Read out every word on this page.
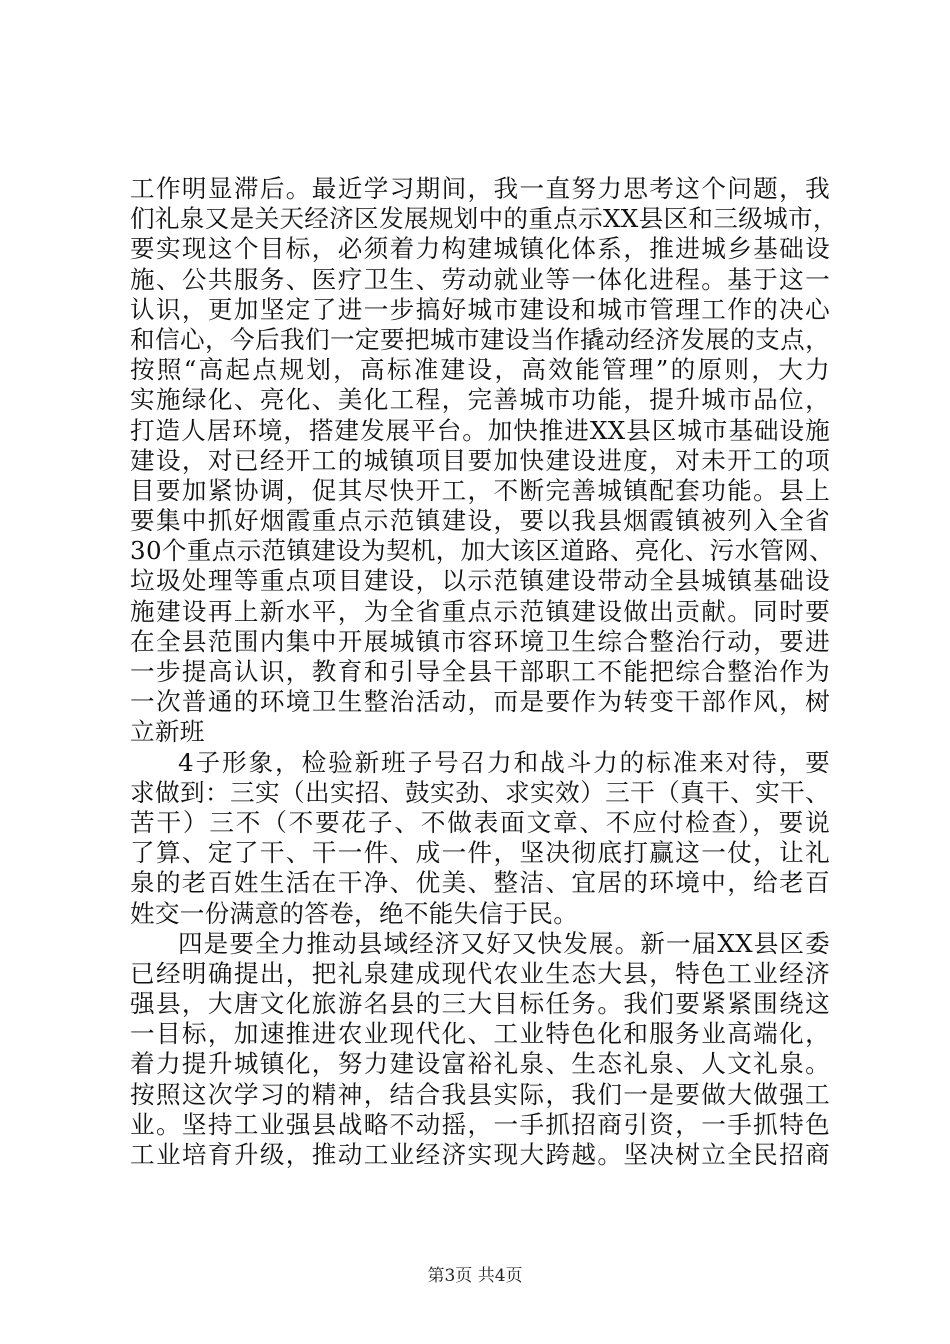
工作明显滞后。最近学习期间，我一直努力思考这个问题，我
们礼泉又是关天经济区发展规划中的重点示XX县区和三级城市，
要实现这个目标，必须着力构建城镇化体系，推进城乡基础设
施、公共服务、医疗卫生、劳动就业等一体化进程。基于这一
认识，更加坚定了进一步搞好城市建设和城市管理工作的决心
和信心，今后我们一定要把城市建设当作撬动经济发展的支点，
按照“高起点规划，高标准建设，高效能管理”的原则，大力
实施绿化、亮化、美化工程，完善城市功能，提升城市品位，
打造人居环境，搭建发展平台。加快推进XX县区城市基础设施
建设，对已经开工的城镇项目要加快建设进度，对未开工的项
目要加紧协调，促其尽快开工，不断完善城镇配套功能。县上
要集中抓好烟霞重点示范镇建设，要以我县烟霞镇被列入全省
30个重点示范镇建设为契机，加大该区道路、亮化、污水管网、
垃圾处理等重点项目建设，以示范镇建设带动全县城镇基础设
施建设再上新水平，为全省重点示范镇建设做出贡献。同时要
在全县范围内集中开展城镇市容环境卫生综合整治行动，要进
一步提高认识，教育和引导全县干部职工不能把综合整治作为
一次普通的环境卫生整治活动，而是要作为转变干部作风，树
立新班
4子形象，检验新班子号召力和战斗力的标准来对待，要
求做到：三实（出实招、鼓实劲、求实效）三干（真干、实干、
苦干）三不（不要花子、不做表面文章、不应付检查），要说
了算、定了干、干一件、成一件，坚决彻底打赢这一仗，让礼
泉的老百姓生活在干净、优美、整洁、宜居的环境中，给老百
姓交一份满意的答卷，绝不能失信于民。
四是要全力推动县域经济又好又快发展。新一届XX县区委
已经明确提出，把礼泉建成现代农业生态大县，特色工业经济
强县，大唐文化旅游名县的三大目标任务。我们要紧紧围绕这
一目标，加速推进农业现代化、工业特色化和服务业高端化，
着力提升城镇化，努力建设富裕礼泉、生态礼泉、人文礼泉。
按照这次学习的精神，结合我县实际，我们一是要做大做强工
业。坚持工业强县战略不动摇，一手抓招商引资，一手抓特色
工业培育升级，推动工业经济实现大跨越。坚决树立全民招商
第3页 共4页
